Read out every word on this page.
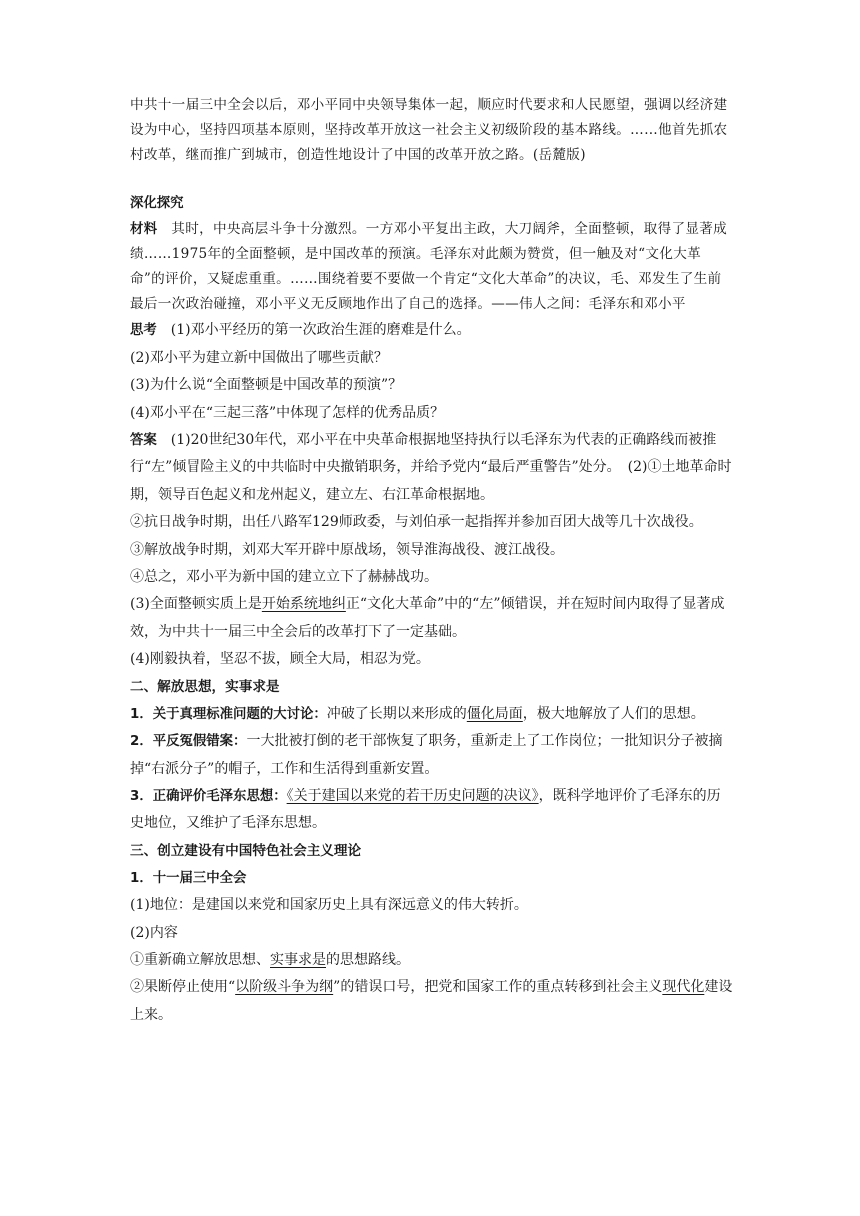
中共十一届三中全会以后，邓小平同中央领导集体一起，顺应时代要求和人民愿望，强调以经济建设为中心，坚持四项基本原则，坚持改革开放这一社会主义初级阶段的基本路线。……他首先抓农村改革，继而推广到城市，创造性地设计了中国的改革开放之路。(岳麓版)

深化探究

材料　 其时，中央高层斗争十分激烈。一方邓小平复出主政，大刀阔斧，全面整顿，取得了显著成绩……1975年的全面整顿，是中国改革的预演。毛泽东对此颇为赞赏，但一触及对“文化大革命”的评价，又疑虑重重。……围绕着要不要做一个肯定“文化大革命”的决议，毛、邓发生了生前最后一次政治碰撞，邓小平义无反顾地作出了自己的选择。——伟人之间：毛泽东和邓小平

思考　 (1)邓小平经历的第一次政治生涯的磨难是什么。

(2)邓小平为建立新中国做出了哪些贡献？

(3)为什么说“全面整顿是中国改革的预演”？

(4)邓小平在“三起三落”中体现了怎样的优秀品质？

答案　 (1)20世纪30年代，邓小平在中央革命根据地坚持执行以毛泽东为代表的正确路线而被推行“左”倾冒险主义的中共临时中央撤销职务，并给予党内“最后严重警告”处分。　 (2)①土地革命时期，领导百色起义和龙州起义，建立左、右江革命根据地。

②抗日战争时期，出任八路军129师政委，与刘伯承一起指挥并参加百团大战等几十次战役。

③解放战争时期，刘邓大军开辟中原战场，领导淮海战役、渡江战役。

④总之，邓小平为新中国的建立立下了赫赫战功。

(3)全面整顿实质上是开始系统地纠正“文化大革命”中的“左”倾错误，并在短时间内取得了显著成效，为中共十一届三中全会后的改革打下了一定基础。

(4)刚毅执着，坚忍不拔，顾全大局，相忍为党。

二、解放思想，实事求是

1．关于真理标准问题的大讨论：冲破了长期以来形成的僵化局面，极大地解放了人们的思想。

2．平反冤假错案：一大批被打倒的老干部恢复了职务，重新走上了工作岗位；一批知识分子被摘掉“右派分子”的帽子，工作和生活得到重新安置。

3．正确评价毛泽东思想：《关于建国以来党的若干历史问题的决议》，既科学地评价了毛泽东的历史地位，又维护了毛泽东思想。

三、创立建设有中国特色社会主义理论

1．十一届三中全会

(1)地位：是建国以来党和国家历史上具有深远意义的伟大转折。

(2)内容

①重新确立解放思想、实事求是的思想路线。

②果断停止使用“以阶级斗争为纲”的错误口号，把党和国家工作的重点转移到社会主义现代化建设上来。
